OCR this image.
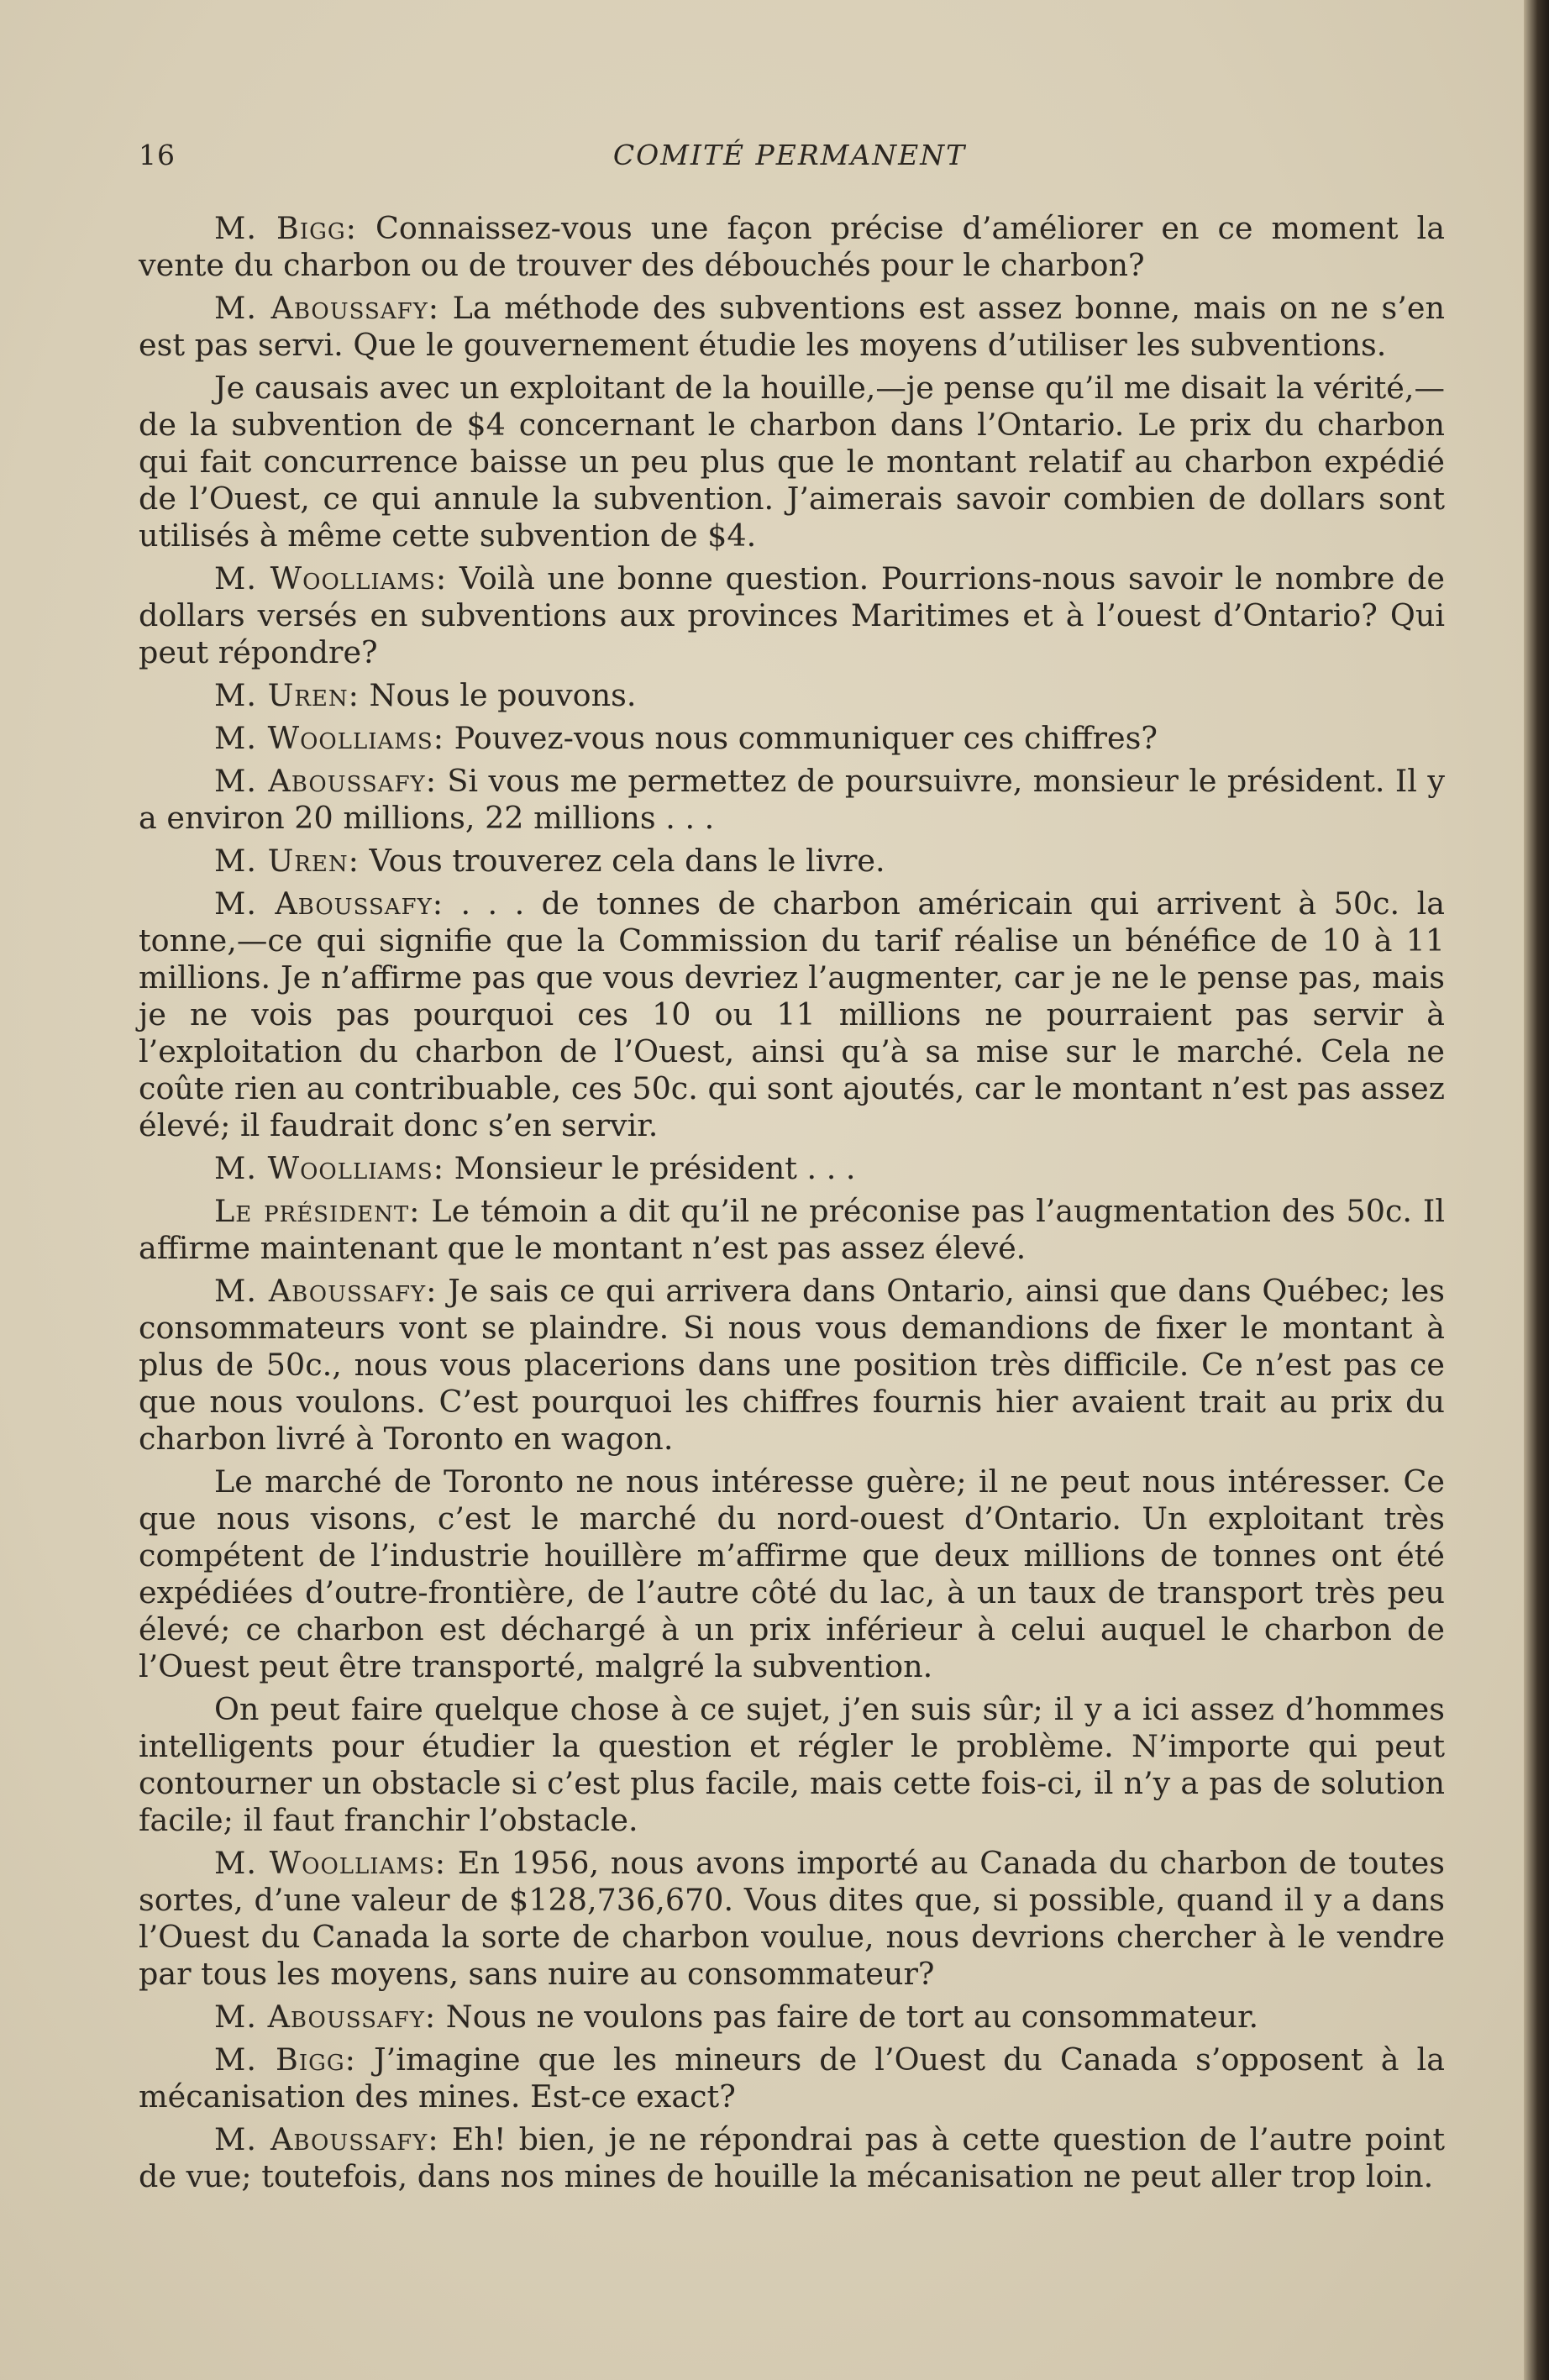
16	COMITÉ PERMANENT

M. Bigg: Connaissez-vous une façon précise d’améliorer en ce moment la vente du charbon ou de trouver des débouchés pour le charbon?

M. Aboussafy: La méthode des subventions est assez bonne, mais on ne s’en est pas servi. Que le gouvernement étudie les moyens d’utiliser les subventions.

Je causais avec un exploitant de la houille,—je pense qu’il me disait la vérité,—de la subvention de $4 concernant le charbon dans l’Ontario. Le prix du charbon qui fait concurrence baisse un peu plus que le montant relatif au charbon expédié de l’Ouest, ce qui annule la subvention. J’aimerais savoir combien de dollars sont utilisés à même cette subvention de $4.

M. Woolliams: Voilà une bonne question. Pourrions-nous savoir le nombre de dollars versés en subventions aux provinces Maritimes et à l’ouest d’Ontario? Qui peut répondre?

M. Uren: Nous le pouvons.

M. Woolliams: Pouvez-vous nous communiquer ces chiffres?

M. Aboussafy: Si vous me permettez de poursuivre, monsieur le président. Il y a environ 20 millions, 22 millions . . .

M. Uren: Vous trouverez cela dans le livre.

M. Aboussafy: . . . de tonnes de charbon américain qui arrivent à 50c. la tonne,—ce qui signifie que la Commission du tarif réalise un bénéfice de 10 à 11 millions. Je n’affirme pas que vous devriez l’augmenter, car je ne le pense pas, mais je ne vois pas pourquoi ces 10 ou 11 millions ne pourraient pas servir à l’exploitation du charbon de l’Ouest, ainsi qu’à sa mise sur le marché. Cela ne coûte rien au contribuable, ces 50c. qui sont ajoutés, car le montant n’est pas assez élevé; il faudrait donc s’en servir.

M. Woolliams: Monsieur le président . . .

Le président: Le témoin a dit qu’il ne préconise pas l’augmentation des 50c. Il affirme maintenant que le montant n’est pas assez élevé.

M. Aboussafy: Je sais ce qui arrivera dans Ontario, ainsi que dans Québec; les consommateurs vont se plaindre. Si nous vous demandions de fixer le montant à plus de 50c., nous vous placerions dans une position très difficile. Ce n’est pas ce que nous voulons. C’est pourquoi les chiffres fournis hier avaient trait au prix du charbon livré à Toronto en wagon.

Le marché de Toronto ne nous intéresse guère; il ne peut nous intéresser. Ce que nous visons, c’est le marché du nord-ouest d’Ontario. Un exploitant très compétent de l’industrie houillère m’affirme que deux millions de tonnes ont été expédiées d’outre-frontière, de l’autre côté du lac, à un taux de transport très peu élevé; ce charbon est déchargé à un prix inférieur à celui auquel le charbon de l’Ouest peut être transporté, malgré la subvention.

On peut faire quelque chose à ce sujet, j’en suis sûr; il y a ici assez d’hommes intelligents pour étudier la question et régler le problème. N’importe qui peut contourner un obstacle si c’est plus facile, mais cette fois-ci, il n’y a pas de solution facile; il faut franchir l’obstacle.

M. Woolliams: En 1956, nous avons importé au Canada du charbon de toutes sortes, d’une valeur de $128,736,670. Vous dites que, si possible, quand il y a dans l’Ouest du Canada la sorte de charbon voulue, nous devrions chercher à le vendre par tous les moyens, sans nuire au consommateur?

M. Aboussafy: Nous ne voulons pas faire de tort au consommateur.

M. Bigg: J’imagine que les mineurs de l’Ouest du Canada s’opposent à la mécanisation des mines. Est-ce exact?

M. Aboussafy: Eh! bien, je ne répondrai pas à cette question de l’autre point de vue; toutefois, dans nos mines de houille la mécanisation ne peut aller trop loin.
